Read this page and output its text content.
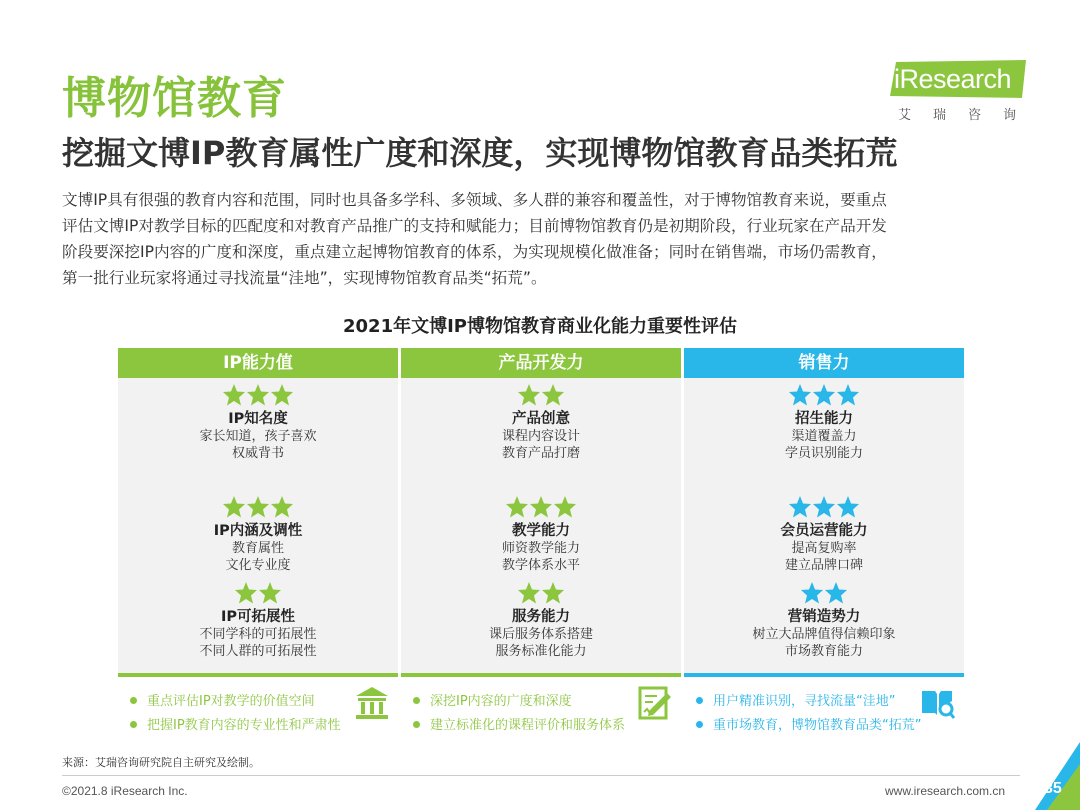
博物馆教育
挖掘文博IP教育属性广度和深度，实现博物馆教育品类拓荒
iResearch
艾瑞咨询
文博IP具有很强的教育内容和范围，同时也具备多学科、多领域、多人群的兼容和覆盖性，对于博物馆教育来说，要重点
评估文博IP对教学目标的匹配度和对教育产品推广的支持和赋能力；目前博物馆教育仍是初期阶段，行业玩家在产品开发
阶段要深挖IP内容的广度和深度，重点建立起博物馆教育的体系，为实现规模化做准备；同时在销售端，市场仍需教育，
第一批行业玩家将通过寻找流量“洼地”，实现博物馆教育品类“拓荒”。
2021年文博IP博物馆教育商业化能力重要性评估
IP能力值
IP知名度
家长知道，孩子喜欢
权威背书
IP内涵及调性
教育属性
文化专业度
IP可拓展性
不同学科的可拓展性
不同人群的可拓展性
产品开发力
产品创意
课程内容设计
教育产品打磨
教学能力
师资教学能力
教学体系水平
服务能力
课后服务体系搭建
服务标准化能力
销售力
招生能力
渠道覆盖力
学员识别能力
会员运营能力
提高复购率
建立品牌口碑
营销造势力
树立大品牌值得信赖印象
市场教育能力
重点评估IP对教学的价值空间
把握IP教育内容的专业性和严肃性
深挖IP内容的广度和深度
建立标准化的课程评价和服务体系
用户精准识别，寻找流量“洼地”
重市场教育，博物馆教育品类“拓荒”
来源：艾瑞咨询研究院自主研究及绘制。
©2021.8 iResearch Inc.	www.iresearch.com.cn 35
